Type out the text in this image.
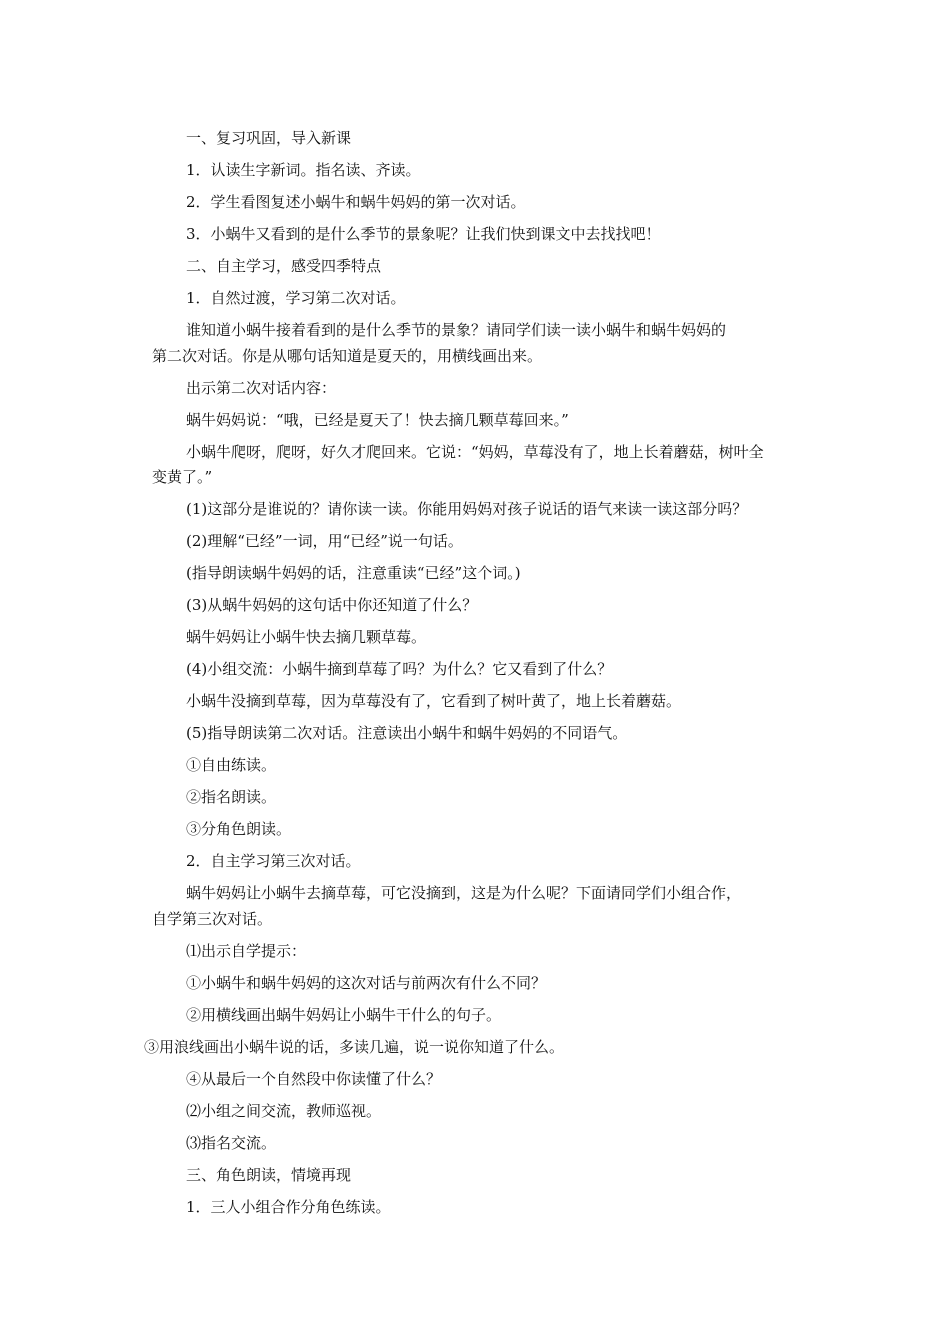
一、复习巩固，导入新课
1．认读生字新词。指名读、齐读。
2．学生看图复述小蜗牛和蜗牛妈妈的第一次对话。
3．小蜗牛又看到的是什么季节的景象呢？让我们快到课文中去找找吧！
二、自主学习，感受四季特点
1．自然过渡，学习第二次对话。
谁知道小蜗牛接着看到的是什么季节的景象？请同学们读一读小蜗牛和蜗牛妈妈的
第二次对话。你是从哪句话知道是夏天的，用横线画出来。
出示第二次对话内容：
蜗牛妈妈说：“哦，已经是夏天了！快去摘几颗草莓回来。”
小蜗牛爬呀，爬呀，好久才爬回来。它说：“妈妈，草莓没有了，地上长着蘑菇，树叶全
变黄了。”
(1)这部分是谁说的？请你读一读。你能用妈妈对孩子说话的语气来读一读这部分吗？
(2)理解“已经”一词，用“已经”说一句话。
(指导朗读蜗牛妈妈的话，注意重读“已经”这个词。)
(3)从蜗牛妈妈的这句话中你还知道了什么？
蜗牛妈妈让小蜗牛快去摘几颗草莓。
(4)小组交流：小蜗牛摘到草莓了吗？为什么？它又看到了什么？
小蜗牛没摘到草莓，因为草莓没有了，它看到了树叶黄了，地上长着蘑菇。
(5)指导朗读第二次对话。注意读出小蜗牛和蜗牛妈妈的不同语气。
①自由练读。
②指名朗读。
③分角色朗读。
2．自主学习第三次对话。
蜗牛妈妈让小蜗牛去摘草莓，可它没摘到，这是为什么呢？下面请同学们小组合作，
自学第三次对话。
⑴出示自学提示：
①小蜗牛和蜗牛妈妈的这次对话与前两次有什么不同？
②用横线画出蜗牛妈妈让小蜗牛干什么的句子。
③用浪线画出小蜗牛说的话，多读几遍，说一说你知道了什么。
④从最后一个自然段中你读懂了什么？
⑵小组之间交流，教师巡视。
⑶指名交流。
三、角色朗读，情境再现
1．三人小组合作分角色练读。
